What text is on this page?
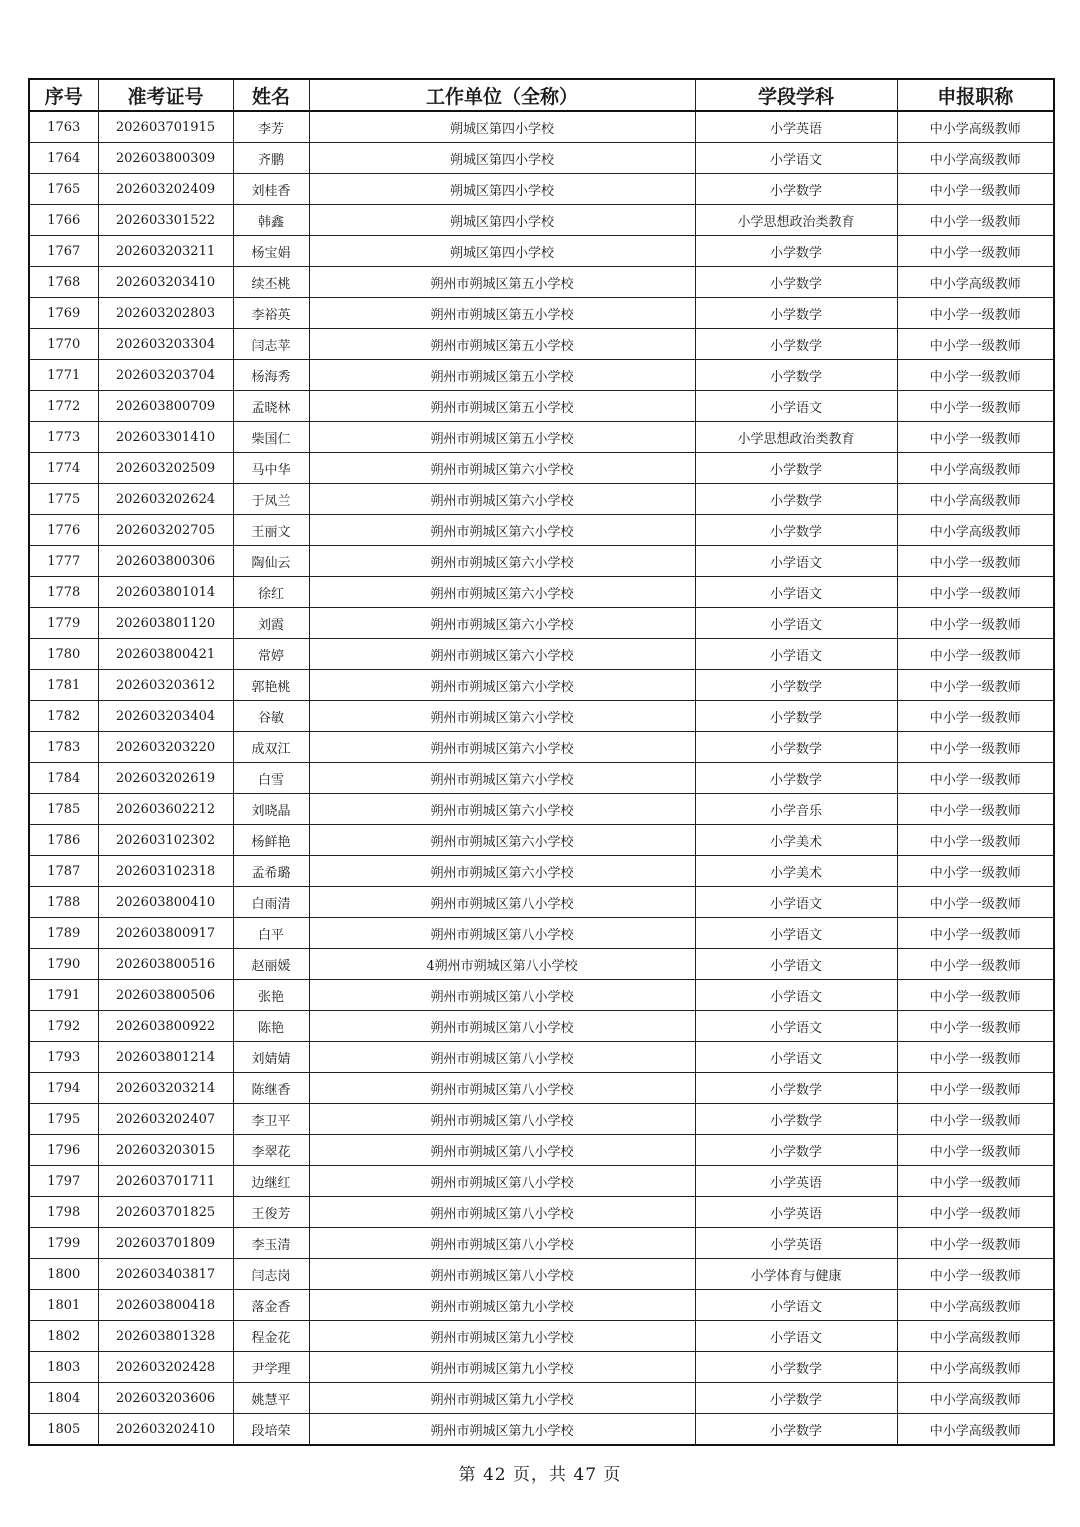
序号	准考证号	姓名	工作单位（全称）	学段学科	申报职称
1763	202603701915	李芳	朔城区第四小学校	小学英语	中小学高级教师
1764	202603800309	齐鹏	朔城区第四小学校	小学语文	中小学高级教师
1765	202603202409	刘桂香	朔城区第四小学校	小学数学	中小学一级教师
1766	202603301522	韩鑫	朔城区第四小学校	小学思想政治类教育	中小学一级教师
1767	202603203211	杨宝娟	朔城区第四小学校	小学数学	中小学一级教师
1768	202603203410	续丕桃	朔州市朔城区第五小学校	小学数学	中小学高级教师
1769	202603202803	李裕英	朔州市朔城区第五小学校	小学数学	中小学一级教师
1770	202603203304	闫志苹	朔州市朔城区第五小学校	小学数学	中小学一级教师
1771	202603203704	杨海秀	朔州市朔城区第五小学校	小学数学	中小学一级教师
1772	202603800709	孟晓林	朔州市朔城区第五小学校	小学语文	中小学一级教师
1773	202603301410	柴国仁	朔州市朔城区第五小学校	小学思想政治类教育	中小学一级教师
1774	202603202509	马中华	朔州市朔城区第六小学校	小学数学	中小学高级教师
1775	202603202624	于凤兰	朔州市朔城区第六小学校	小学数学	中小学高级教师
1776	202603202705	王丽文	朔州市朔城区第六小学校	小学数学	中小学高级教师
1777	202603800306	陶仙云	朔州市朔城区第六小学校	小学语文	中小学一级教师
1778	202603801014	徐红	朔州市朔城区第六小学校	小学语文	中小学一级教师
1779	202603801120	刘霞	朔州市朔城区第六小学校	小学语文	中小学一级教师
1780	202603800421	常婷	朔州市朔城区第六小学校	小学语文	中小学一级教师
1781	202603203612	郭艳桃	朔州市朔城区第六小学校	小学数学	中小学一级教师
1782	202603203404	谷敏	朔州市朔城区第六小学校	小学数学	中小学一级教师
1783	202603203220	成双江	朔州市朔城区第六小学校	小学数学	中小学一级教师
1784	202603202619	白雪	朔州市朔城区第六小学校	小学数学	中小学一级教师
1785	202603602212	刘晓晶	朔州市朔城区第六小学校	小学音乐	中小学一级教师
1786	202603102302	杨鲜艳	朔州市朔城区第六小学校	小学美术	中小学一级教师
1787	202603102318	孟希璐	朔州市朔城区第六小学校	小学美术	中小学一级教师
1788	202603800410	白雨清	朔州市朔城区第八小学校	小学语文	中小学一级教师
1789	202603800917	白平	朔州市朔城区第八小学校	小学语文	中小学一级教师
1790	202603800516	赵丽媛	4朔州市朔城区第八小学校	小学语文	中小学一级教师
1791	202603800506	张艳	朔州市朔城区第八小学校	小学语文	中小学一级教师
1792	202603800922	陈艳	朔州市朔城区第八小学校	小学语文	中小学一级教师
1793	202603801214	刘婧婧	朔州市朔城区第八小学校	小学语文	中小学一级教师
1794	202603203214	陈继香	朔州市朔城区第八小学校	小学数学	中小学一级教师
1795	202603202407	李卫平	朔州市朔城区第八小学校	小学数学	中小学一级教师
1796	202603203015	李翠花	朔州市朔城区第八小学校	小学数学	中小学一级教师
1797	202603701711	边继红	朔州市朔城区第八小学校	小学英语	中小学一级教师
1798	202603701825	王俊芳	朔州市朔城区第八小学校	小学英语	中小学一级教师
1799	202603701809	李玉清	朔州市朔城区第八小学校	小学英语	中小学一级教师
1800	202603403817	闫志岗	朔州市朔城区第八小学校	小学体育与健康	中小学一级教师
1801	202603800418	落金香	朔州市朔城区第九小学校	小学语文	中小学高级教师
1802	202603801328	程金花	朔州市朔城区第九小学校	小学语文	中小学高级教师
1803	202603202428	尹学理	朔州市朔城区第九小学校	小学数学	中小学高级教师
1804	202603203606	姚慧平	朔州市朔城区第九小学校	小学数学	中小学高级教师
1805	202603202410	段培荣	朔州市朔城区第九小学校	小学数学	中小学高级教师
第 42 页，共 47 页
